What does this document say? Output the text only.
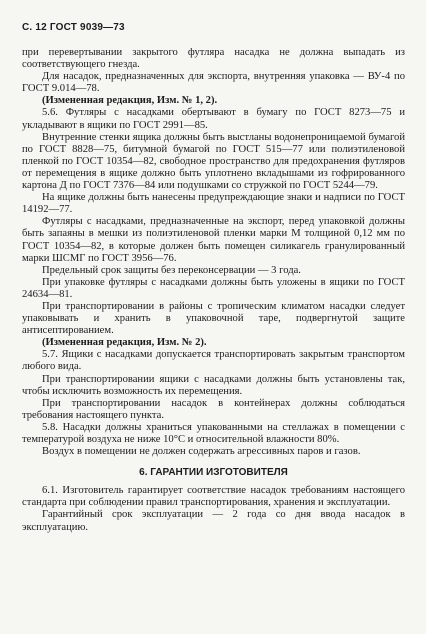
С. 12 ГОСТ 9039—73

при перевертывании закрытого футляра насадка не должна выпадать из соответствующего гнезда.

Для насадок, предназначенных для экспорта, внутренняя упаковка — ВУ-4 по ГОСТ 9.014—78.

(Измененная редакция, Изм. № 1, 2).

5.6. Футляры с насадками обертывают в бумагу по ГОСТ 8273—75 и укладывают в ящики по ГОСТ 2991—85.

Внутренние стенки ящика должны быть выстланы водонепроницаемой бумагой по ГОСТ 8828—75, битумной бумагой по ГОСТ 515—77 или полиэтиленовой пленкой по ГОСТ 10354—82, свободное пространство для предохранения футляров от перемещения в ящике должно быть уплотнено вкладышами из гофрированного картона Д по ГОСТ 7376—84 или подушками со стружкой по ГОСТ 5244—79.

На ящике должны быть нанесены предупреждающие знаки и надписи по ГОСТ 14192—77.

Футляры с насадками, предназначенные на экспорт, перед упаковкой должны быть запаяны в мешки из полиэтиленовой пленки марки М толщиной 0,12 мм по ГОСТ 10354—82, в которые должен быть помещен силикагель гранулированный марки ШСМГ по ГОСТ 3956—76.

Предельный срок защиты без переконсервации — 3 года.

При упаковке футляры с насадками должны быть уложены в ящики по ГОСТ 24634—81.

При транспортировании в районы с тропическим климатом насадки следует упаковывать и хранить в упаковочной таре, подвергнутой защите антисептированием.

(Измененная редакция, Изм. № 2).

5.7. Ящики с насадками допускается транспортировать закрытым транспортом любого вида.

При транспортировании ящики с насадками должны быть установлены так, чтобы исключить возможность их перемещения.

При транспортировании насадок в контейнерах должны соблюдаться требования настоящего пункта.

5.8. Насадки должны храниться упакованными на стеллажах в помещении с температурой воздуха не ниже 10°С и относительной влажности 80%.

Воздух в помещении не должен содержать агрессивных паров и газов.

6. ГАРАНТИИ ИЗГОТОВИТЕЛЯ

6.1. Изготовитель гарантирует соответствие насадок требованиям настоящего стандарта при соблюдении правил транспортирования, хранения и эксплуатации.

Гарантийный срок эксплуатации — 2 года со дня ввода насадок в эксплуатацию.
